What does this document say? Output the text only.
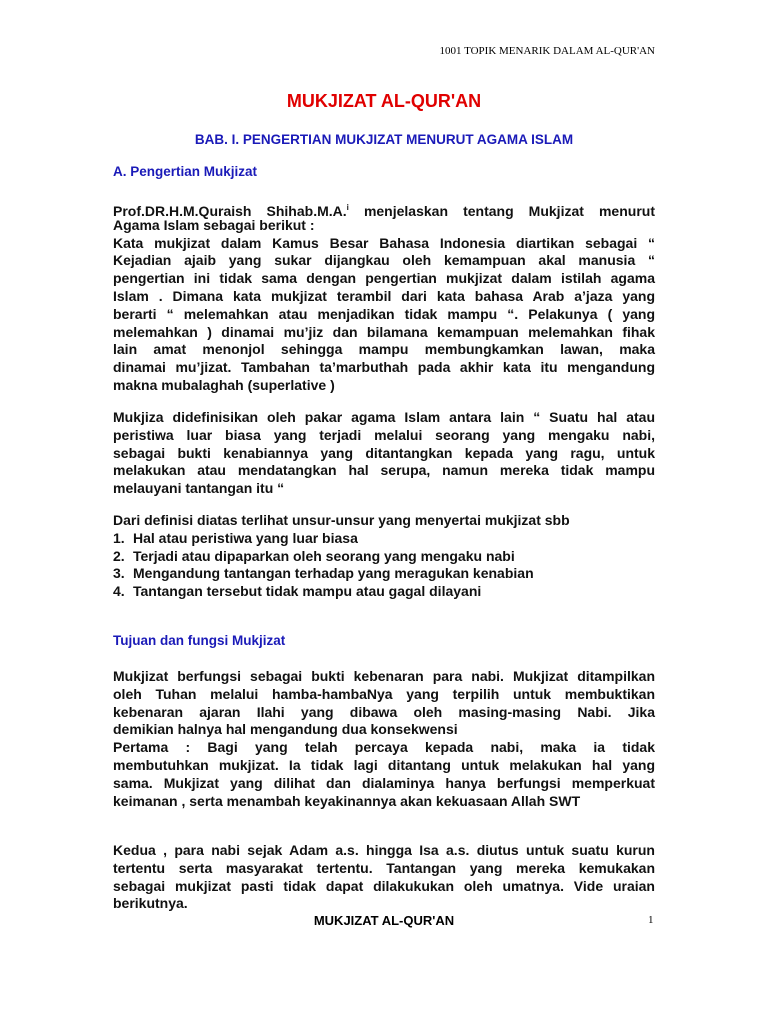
1001 TOPIK MENARIK DALAM AL-QUR'AN
MUKJIZAT AL-QUR'AN
BAB. I. PENGERTIAN MUKJIZAT MENURUT AGAMA ISLAM
A. Pengertian Mukjizat
Prof.DR.H.M.Quraish Shihab.M.A.$^i$ menjelaskan tentang Mukjizat menurut
Agama Islam sebagai berikut :
Kata mukjizat dalam Kamus Besar Bahasa Indonesia diartikan sebagai “
Kejadian ajaib yang sukar dijangkau oleh kemampuan akal manusia “
pengertian ini tidak sama dengan pengertian mukjizat dalam istilah agama
Islam . Dimana kata mukjizat terambil dari kata bahasa Arab a’jaza yang
berarti “ melemahkan atau menjadikan tidak mampu “. Pelakunya ( yang
melemahkan ) dinamai mu’jiz dan bilamana kemampuan melemahkan fihak
lain amat menonjol sehingga mampu membungkamkan lawan, maka
dinamai mu’jizat. Tambahan ta’marbuthah pada akhir kata itu mengandung
makna mubalaghah (superlative )
Mukjiza didefinisikan oleh pakar agama Islam antara lain “ Suatu hal atau
peristiwa luar biasa yang terjadi melalui seorang yang mengaku nabi,
sebagai bukti kenabiannya yang ditantangkan kepada yang ragu, untuk
melakukan atau mendatangkan hal serupa, namun mereka tidak mampu
melauyani tantangan itu “
Dari definisi diatas terlihat unsur-unsur yang menyertai mukjizat sbb
1. Hal atau peristiwa yang luar biasa
2. Terjadi atau dipaparkan oleh seorang yang mengaku nabi
3. Mengandung tantangan terhadap yang meragukan kenabian
4. Tantangan tersebut tidak mampu atau gagal dilayani
Tujuan dan fungsi Mukjizat
Mukjizat berfungsi sebagai bukti kebenaran para nabi. Mukjizat ditampilkan
oleh Tuhan melalui hamba-hambaNya yang terpilih untuk membuktikan
kebenaran ajaran Ilahi yang dibawa oleh masing-masing Nabi. Jika
demikian halnya hal mengandung dua konsekwensi
Pertama : Bagi yang telah percaya kepada nabi, maka ia tidak
membutuhkan mukjizat. Ia tidak lagi ditantang untuk melakukan hal yang
sama. Mukjizat yang dilihat dan dialaminya hanya berfungsi memperkuat
keimanan , serta menambah keyakinannya akan kekuasaan Allah SWT
Kedua , para nabi sejak Adam a.s. hingga Isa a.s. diutus untuk suatu kurun
tertentu serta masyarakat tertentu. Tantangan yang mereka kemukakan
sebagai mukjizat pasti tidak dapat dilakukukan oleh umatnya. Vide uraian
berikutnya.
MUKJIZAT AL-QUR'AN	1
